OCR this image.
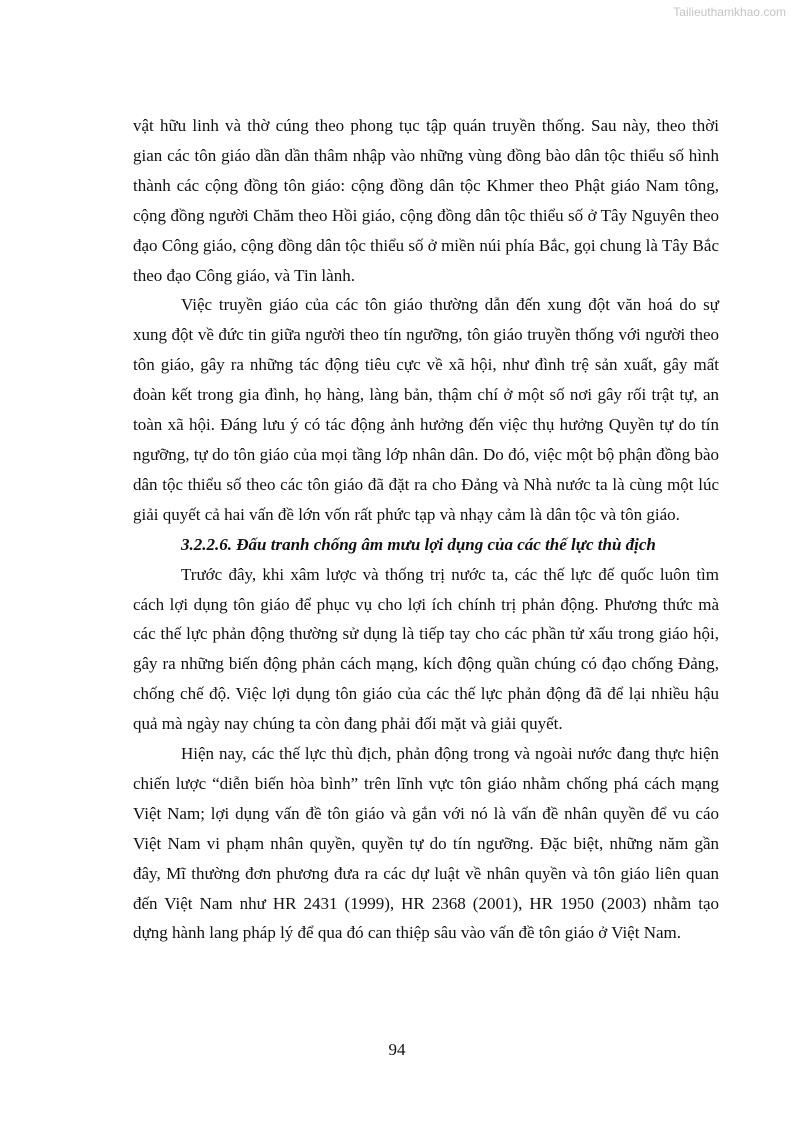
Tailieuthamkhao.com

vật hữu linh và thờ cúng theo phong tục tập quán truyền thống. Sau này, theo thời gian các tôn giáo dần dần thâm nhập vào những vùng đồng bào dân tộc thiểu số hình thành các cộng đồng tôn giáo: cộng đồng dân tộc Khmer theo Phật giáo Nam tông, cộng đồng người Chăm theo Hồi giáo, cộng đồng dân tộc thiểu số ở Tây Nguyên theo đạo Công giáo, cộng đồng dân tộc thiểu số ở miền núi phía Bắc, gọi chung là Tây Bắc theo đạo Công giáo, và Tin lành.

Việc truyền giáo của các tôn giáo thường dẫn đến xung đột văn hoá do sự xung đột về đức tin giữa người theo tín ngưỡng, tôn giáo truyền thống với người theo tôn giáo, gây ra những tác động tiêu cực về xã hội, như đình trệ sản xuất, gây mất đoàn kết trong gia đình, họ hàng, làng bản, thậm chí ở một số nơi gây rối trật tự, an toàn xã hội. Đáng lưu ý có tác động ảnh hưởng đến việc thụ hưởng Quyền tự do tín ngưỡng, tự do tôn giáo của mọi tầng lớp nhân dân. Do đó, việc một bộ phận đồng bào dân tộc thiểu số theo các tôn giáo đã đặt ra cho Đảng và Nhà nước ta là cùng một lúc giải quyết cả hai vấn đề lớn vốn rất phức tạp và nhạy cảm là dân tộc và tôn giáo.

3.2.2.6. Đấu tranh chống âm mưu lợi dụng của các thế lực thù địch

Trước đây, khi xâm lược và thống trị nước ta, các thế lực đế quốc luôn tìm cách lợi dụng tôn giáo để phục vụ cho lợi ích chính trị phản động. Phương thức mà các thế lực phản động thường sử dụng là tiếp tay cho các phần tử xấu trong giáo hội, gây ra những biến động phản cách mạng, kích động quần chúng có đạo chống Đảng, chống chế độ. Việc lợi dụng tôn giáo của các thế lực phản động đã để lại nhiều hậu quả mà ngày nay chúng ta còn đang phải đối mặt và giải quyết.

Hiện nay, các thế lực thù địch, phản động trong và ngoài nước đang thực hiện chiến lược “diễn biến hòa bình” trên lĩnh vực tôn giáo nhằm chống phá cách mạng Việt Nam; lợi dụng vấn đề tôn giáo và gắn với nó là vấn đề nhân quyền để vu cáo Việt Nam vi phạm nhân quyền, quyền tự do tín ngưỡng. Đặc biệt, những năm gần đây, Mĩ thường đơn phương đưa ra các dự luật về nhân quyền và tôn giáo liên quan đến Việt Nam như HR 2431 (1999), HR 2368 (2001), HR 1950 (2003) nhằm tạo dựng hành lang pháp lý để qua đó can thiệp sâu vào vấn đề tôn giáo ở Việt Nam.

94
